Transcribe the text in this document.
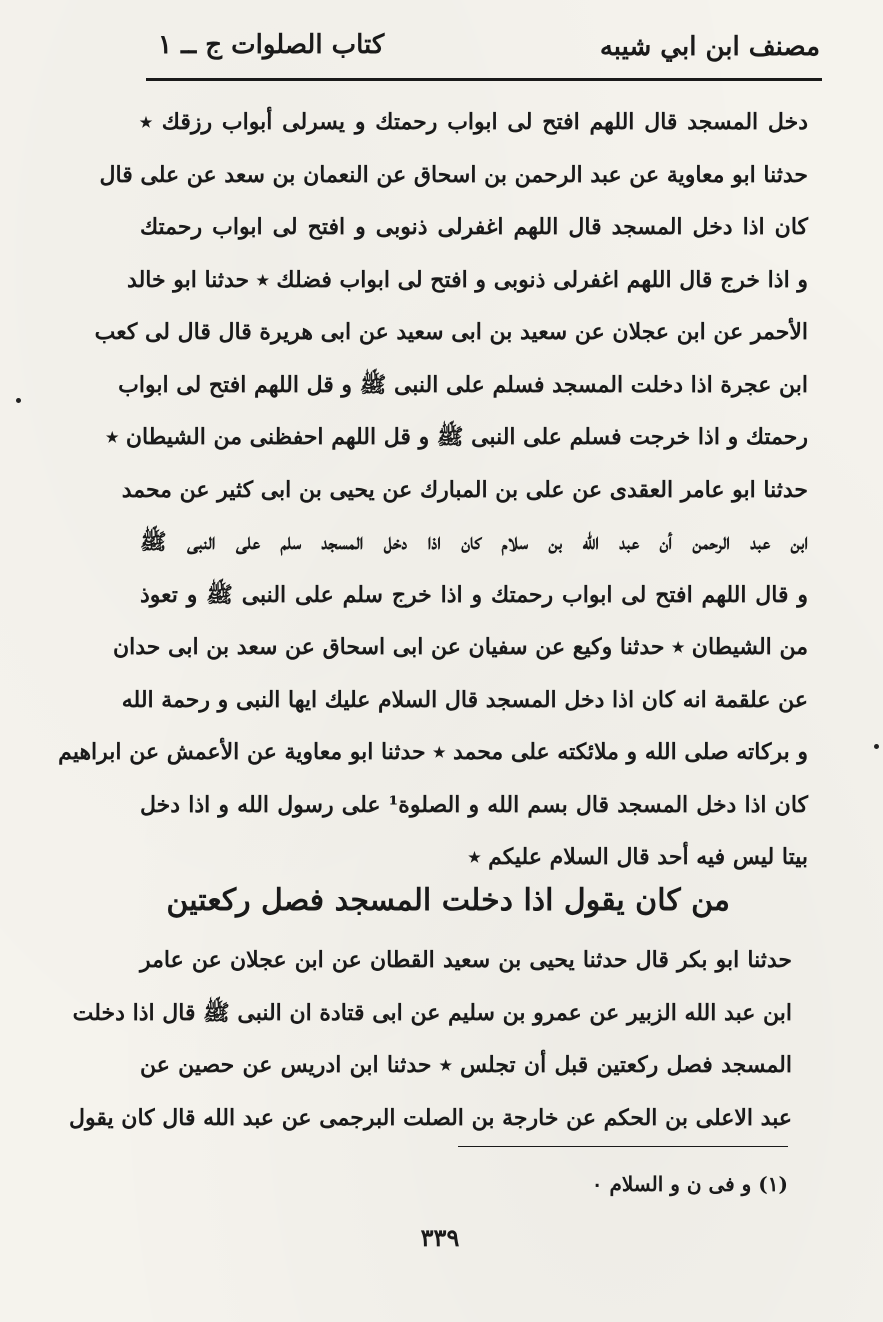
مصنف ابن ابي شيبه
كتاب الصلوات ج ــ ١
دخل المسجد قال اللهم افتح لى ابواب رحمتك و يسرلى أبواب رزقك ٭
حدثنا ابو معاوية عن عبد الرحمن بن اسحاق عن النعمان بن سعد عن على قال
كان اذا دخل المسجد قال اللهم اغفرلى ذنوبى و افتح لى ابواب رحمتك
و اذا خرج قال اللهم اغفرلى ذنوبى و افتح لى ابواب فضلك ٭ حدثنا ابو خالد
الأحمر عن ابن عجلان عن سعيد بن ابى سعيد عن ابى هريرة قال قال لى كعب
ابن عجرة اذا دخلت المسجد فسلم على النبى ﷺ و قل اللهم افتح لى ابواب
رحمتك و اذا خرجت فسلم على النبى ﷺ و قل اللهم احفظنى من الشيطان ٭
حدثنا ابو عامر العقدى عن على بن المبارك عن يحيى بن ابى كثير عن محمد
ابن عبد الرحمن أن عبد الله بن سلام كان اذا دخل المسجد سلم على النبى ﷺ
و قال اللهم افتح لى ابواب رحمتك و اذا خرج سلم على النبى ﷺ و تعوذ
من الشيطان ٭ حدثنا وكيع عن سفيان عن ابى اسحاق عن سعد بن ابى حدان
عن علقمة انه كان اذا دخل المسجد قال السلام عليك ايها النبى و رحمة الله
و بركاته صلى الله و ملائكته على محمد ٭ حدثنا ابو معاوية عن الأعمش عن ابراهيم
كان اذا دخل المسجد قال بسم الله و الصلوة¹ على رسول الله و اذا دخل
بيتا ليس فيه أحد قال السلام عليكم ٭
من كان يقول اذا دخلت المسجد فصل ركعتين
حدثنا ابو بكر قال حدثنا يحيى بن سعيد القطان عن ابن عجلان عن عامر
ابن عبد الله الزبير عن عمرو بن سليم عن ابى قتادة ان النبى ﷺ قال اذا دخلت
المسجد فصل ركعتين قبل أن تجلس ٭ حدثنا ابن ادريس عن حصين عن
عبد الاعلى بن الحكم عن خارجة بن الصلت البرجمى عن عبد الله قال كان يقول
(١) و فى ن و السلام ٠
٣٣٩
